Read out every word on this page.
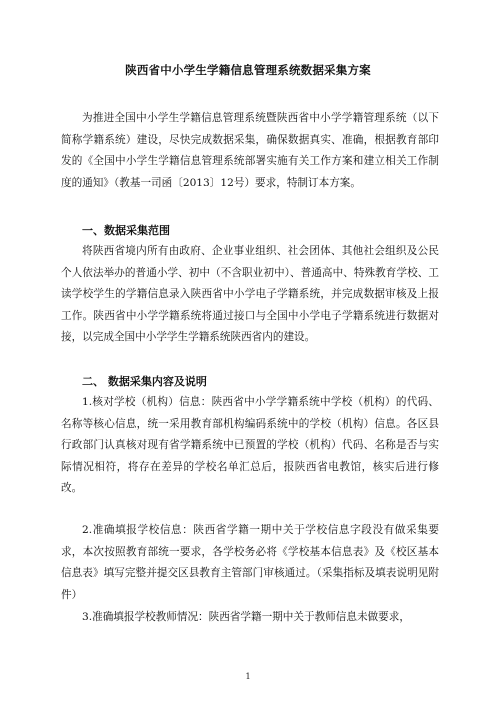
陕西省中小学生学籍信息管理系统数据采集方案

为推进全国中小学生学籍信息管理系统暨陕西省中小学学籍管理系统（以下简称学籍系统）建设，尽快完成数据采集，确保数据真实、准确，根据教育部印发的《全国中小学生学籍信息管理系统部署实施有关工作方案和建立相关工作制度的通知》（教基一司函〔2013〕12号）要求，特制订本方案。

一、数据采集范围

将陕西省境内所有由政府、企业事业组织、社会团体、其他社会组织及公民个人依法举办的普通小学、初中（不含职业初中）、普通高中、特殊教育学校、工读学校学生的学籍信息录入陕西省中小学电子学籍系统，并完成数据审核及上报工作。陕西省中小学学籍系统将通过接口与全国中小学电子学籍系统进行数据对接，以完成全国中小学学生学籍系统陕西省内的建设。

二、 数据采集内容及说明

1.核对学校（机构）信息：陕西省中小学学籍系统中学校（机构）的代码、名称等核心信息，统一采用教育部机构编码系统中的学校（机构）信息。各区县行政部门认真核对现有省学籍系统中已预置的学校（机构）代码、名称是否与实际情况相符，将存在差异的学校名单汇总后，报陕西省电教馆，核实后进行修改。

2.准确填报学校信息：陕西省学籍一期中关于学校信息字段没有做采集要求，本次按照教育部统一要求，各学校务必将《学校基本信息表》及《校区基本信息表》填写完整并提交区县教育主管部门审核通过。（采集指标及填表说明见附件）

3.准确填报学校教师情况：陕西省学籍一期中关于教师信息未做要求，

1
